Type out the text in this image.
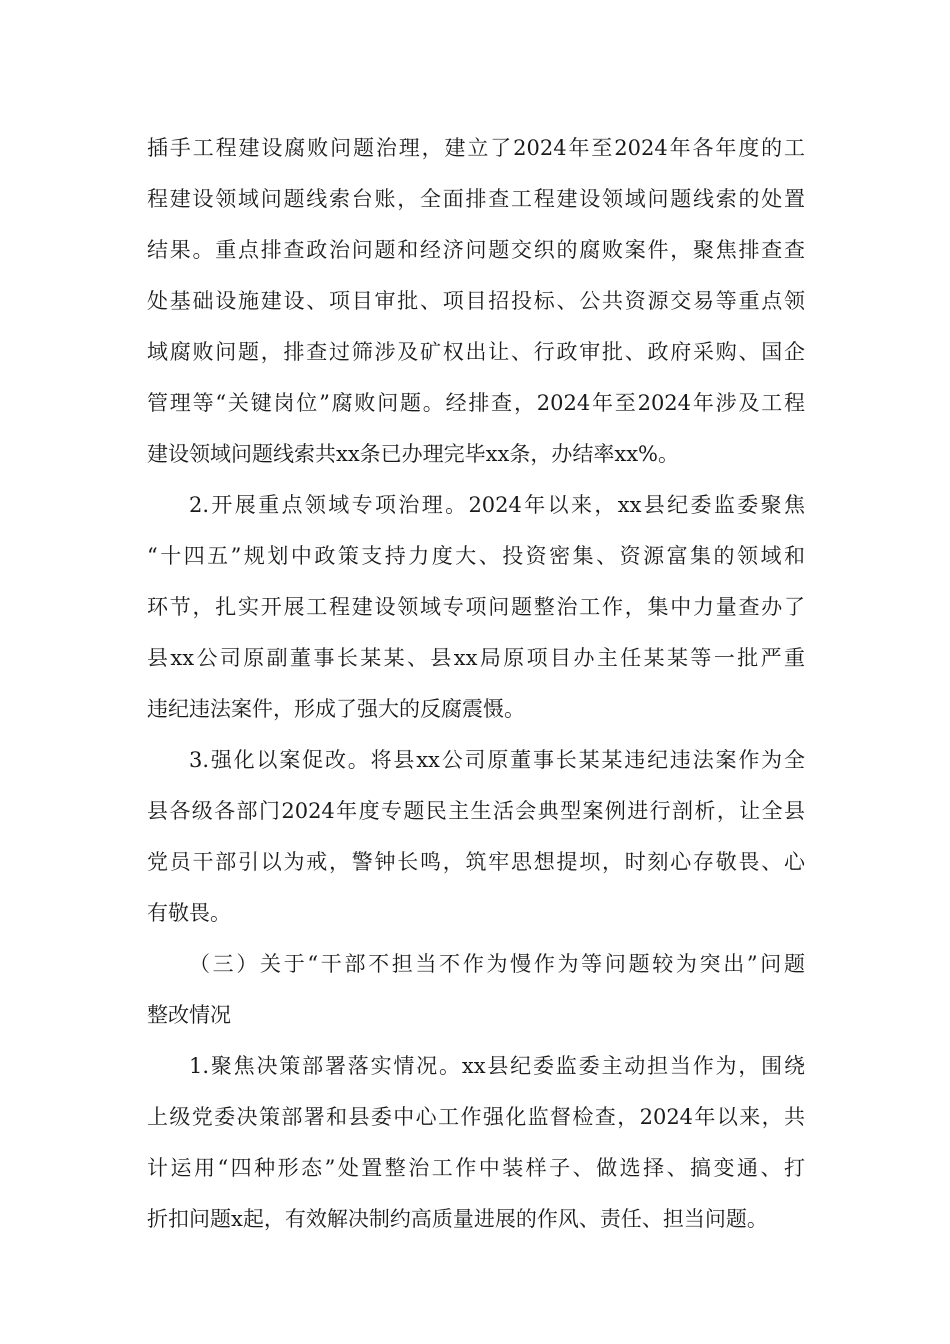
插手工程建设腐败问题治理，建立了2024年至2024年各年度的工
程建设领域问题线索台账，全面排查工程建设领域问题线索的处置
结果。重点排查政治问题和经济问题交织的腐败案件，聚焦排查查
处基础设施建设、项目审批、项目招投标、公共资源交易等重点领
域腐败问题，排查过筛涉及矿权出让、行政审批、政府采购、国企
管理等“关键岗位”腐败问题。经排查，2024年至2024年涉及工程
建设领域问题线索共xx条已办理完毕xx条，办结率xx%。
2.开展重点领域专项治理。2024年以来，xx县纪委监委聚焦
“十四五”规划中政策支持力度大、投资密集、资源富集的领域和
环节，扎实开展工程建设领域专项问题整治工作，集中力量查办了
县xx公司原副董事长某某、县xx局原项目办主任某某等一批严重
违纪违法案件，形成了强大的反腐震慑。
3.强化以案促改。将县xx公司原董事长某某违纪违法案作为全
县各级各部门2024年度专题民主生活会典型案例进行剖析，让全县
党员干部引以为戒，警钟长鸣，筑牢思想提坝，时刻心存敬畏、心
有敬畏。
（三）关于“干部不担当不作为慢作为等问题较为突出”问题
整改情况
1.聚焦决策部署落实情况。xx县纪委监委主动担当作为，围绕
上级党委决策部署和县委中心工作强化监督检查，2024年以来，共
计运用“四种形态”处置整治工作中装样子、做选择、搞变通、打
折扣问题x起，有效解决制约高质量进展的作风、责任、担当问题。
